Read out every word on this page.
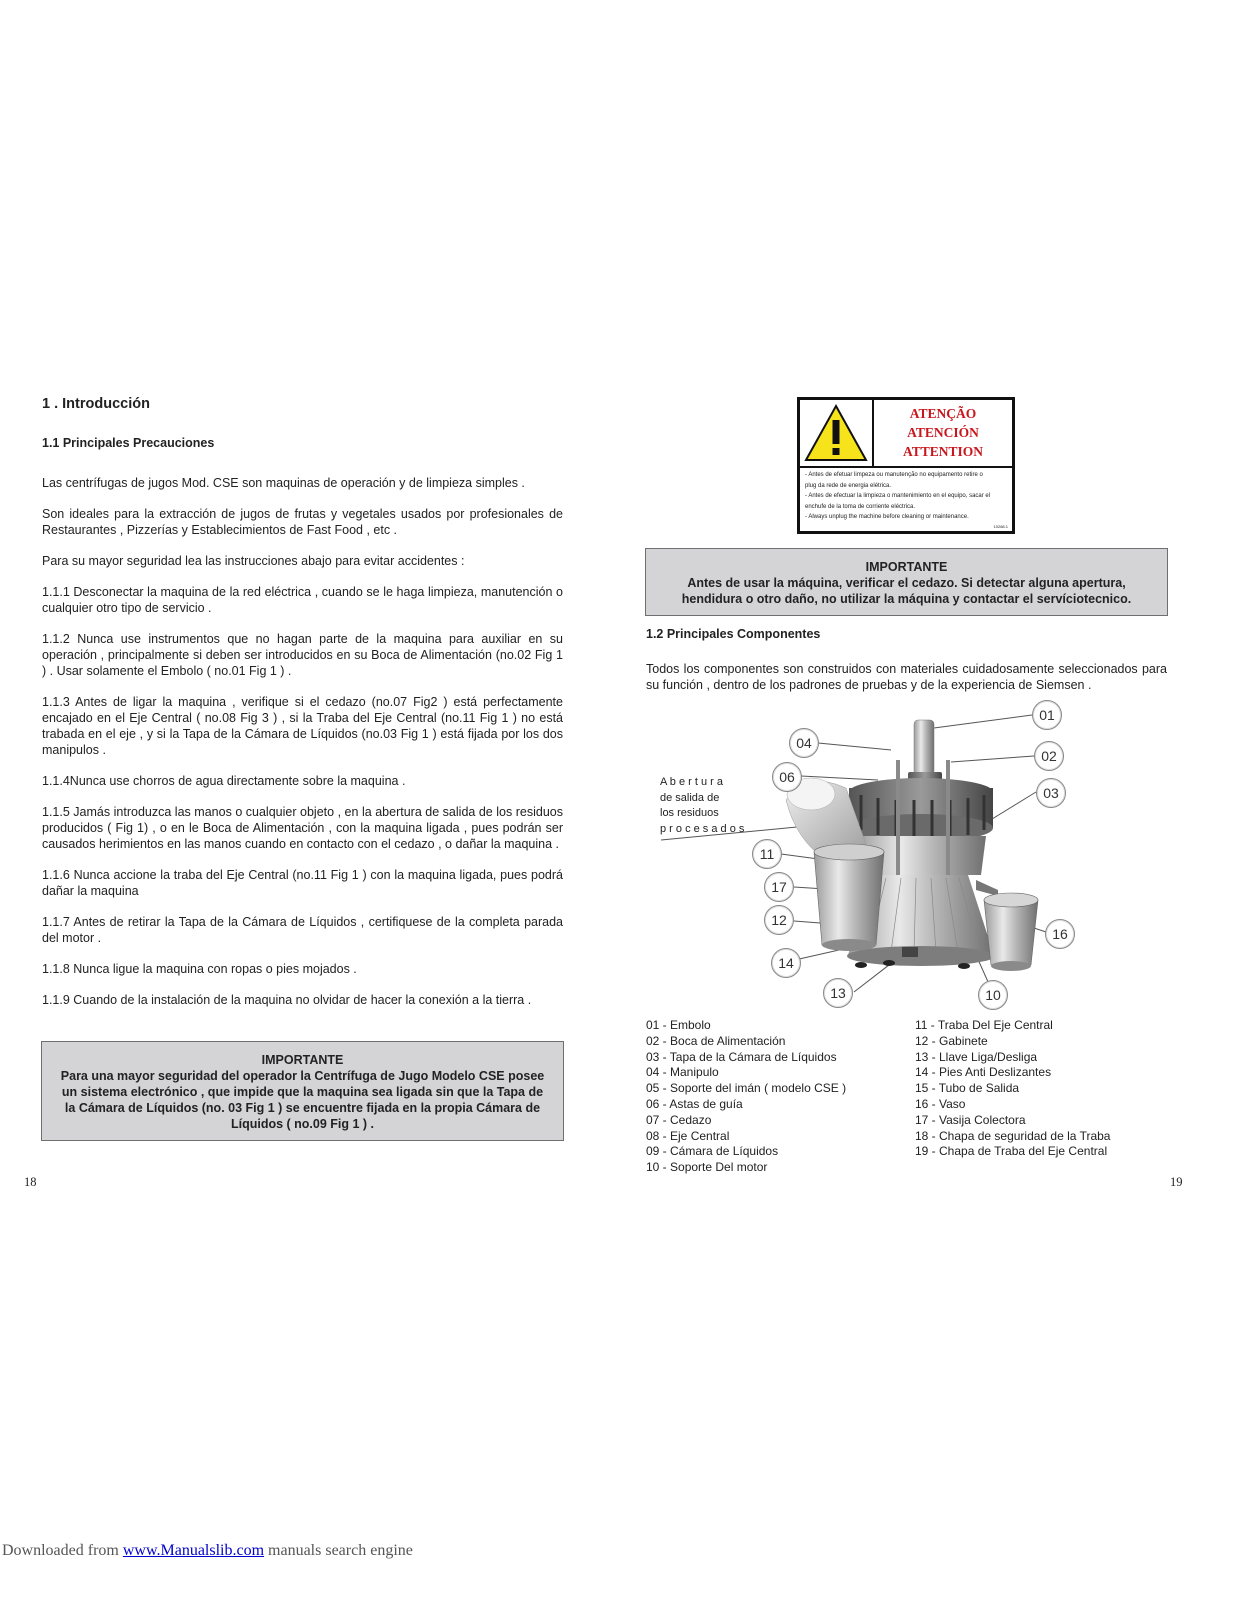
1 . Introducción
1.1 Principales Precauciones

Las centrífugas de jugos Mod. CSE son maquinas de operación y de limpieza simples .

Son ideales para la extracción de jugos de frutas y vegetales usados por profesionales de Restaurantes , Pizzerías y Establecimientos de Fast Food , etc .

Para su mayor seguridad lea las instrucciones abajo para evitar accidentes :

1.1.1 Desconectar la maquina de la red eléctrica , cuando se le haga limpieza, manutención o cualquier otro tipo de servicio .

1.1.2 Nunca use instrumentos que no hagan parte de la maquina para auxiliar en su operación , principalmente si deben ser introducidos en su Boca de Alimentación (no.02 Fig 1 ) . Usar solamente el Embolo ( no.01 Fig 1 ) .

1.1.3 Antes de ligar la maquina , verifique si el cedazo (no.07 Fig2 ) está perfectamente encajado en el Eje Central ( no.08 Fig 3 ) , si la Traba del Eje Central (no.11 Fig 1 ) no está trabada en el eje , y si la Tapa de la Cámara de Líquidos (no.03 Fig 1 ) está fijada por los dos manipulos .

1.1.4Nunca use chorros de agua directamente sobre la maquina .

1.1.5 Jamás introduzca las manos o cualquier objeto , en la abertura de salida de los residuos producidos ( Fig 1) , o en le Boca de Alimentación , con la maquina ligada , pues podrán ser causados herimientos en las manos cuando en contacto con el cedazo , o dañar la maquina .

1.1.6 Nunca accione la traba del Eje Central (no.11 Fig 1 ) con la maquina ligada, pues podrá dañar la maquina

1.1.7 Antes de retirar la Tapa de la Cámara de Líquidos , certifiquese de la completa parada del motor .

1.1.8 Nunca ligue la maquina con ropas o pies mojados .

1.1.9 Cuando de la instalación de la maquina no olvidar de hacer la conexión a la tierra .

IMPORTANTE
Para una mayor seguridad del operador la Centrífuga de Jugo Modelo CSE posee un sistema electrónico , que impide que la maquina sea ligada sin que la Tapa de la Cámara de Líquidos (no. 03 Fig 1 ) se encuentre fijada en la propia Cámara de Líquidos ( no.09 Fig 1 ) .
18
ATENÇÃO
ATENCIÓN
ATTENTION
- Antes de efetuar limpeza ou manutenção no equipamento retire o
plug da rede de energia elétrica.
- Antes de efectuar la limpieza o mantenimiento en el equipo, sacar el
enchufe de la toma de corriente eléctrica.
- Always unplug the machine before cleaning or maintenance.
10268.1
IMPORTANTE
Antes de usar la máquina, verificar el cedazo. Si detectar alguna apertura, hendidura o otro daño, no utilizar la máquina y contactar el servíciotecnico.
1.2 Principales Componentes

Todos los componentes son construidos con materiales cuidadosamente seleccionados para su función , dentro de los padrones de pruebas y de la experiencia de Siemsen .

A b e r t u r a
de salida de
los residuos
p r o c e s a d o s
01
02
03
04
06
11
17
12
14
13	10
16
01 - Embolo
02 - Boca de Alimentación
03 - Tapa de la Cámara de Líquidos
04 - Manipulo
05 - Soporte del imán ( modelo CSE )
06 - Astas de guía
07 - Cedazo
08 - Eje Central
09 - Cámara de Líquidos
10 - Soporte Del motor
11 - Traba Del Eje Central
12 - Gabinete
13 - Llave Liga/Desliga
14 - Pies Anti Deslizantes
15 - Tubo de Salida
16 - Vaso
17 - Vasija Colectora
18 - Chapa de seguridad de la Traba
19 - Chapa de Traba del Eje Central
19
Downloaded from www.Manualslib.com manuals search engine
